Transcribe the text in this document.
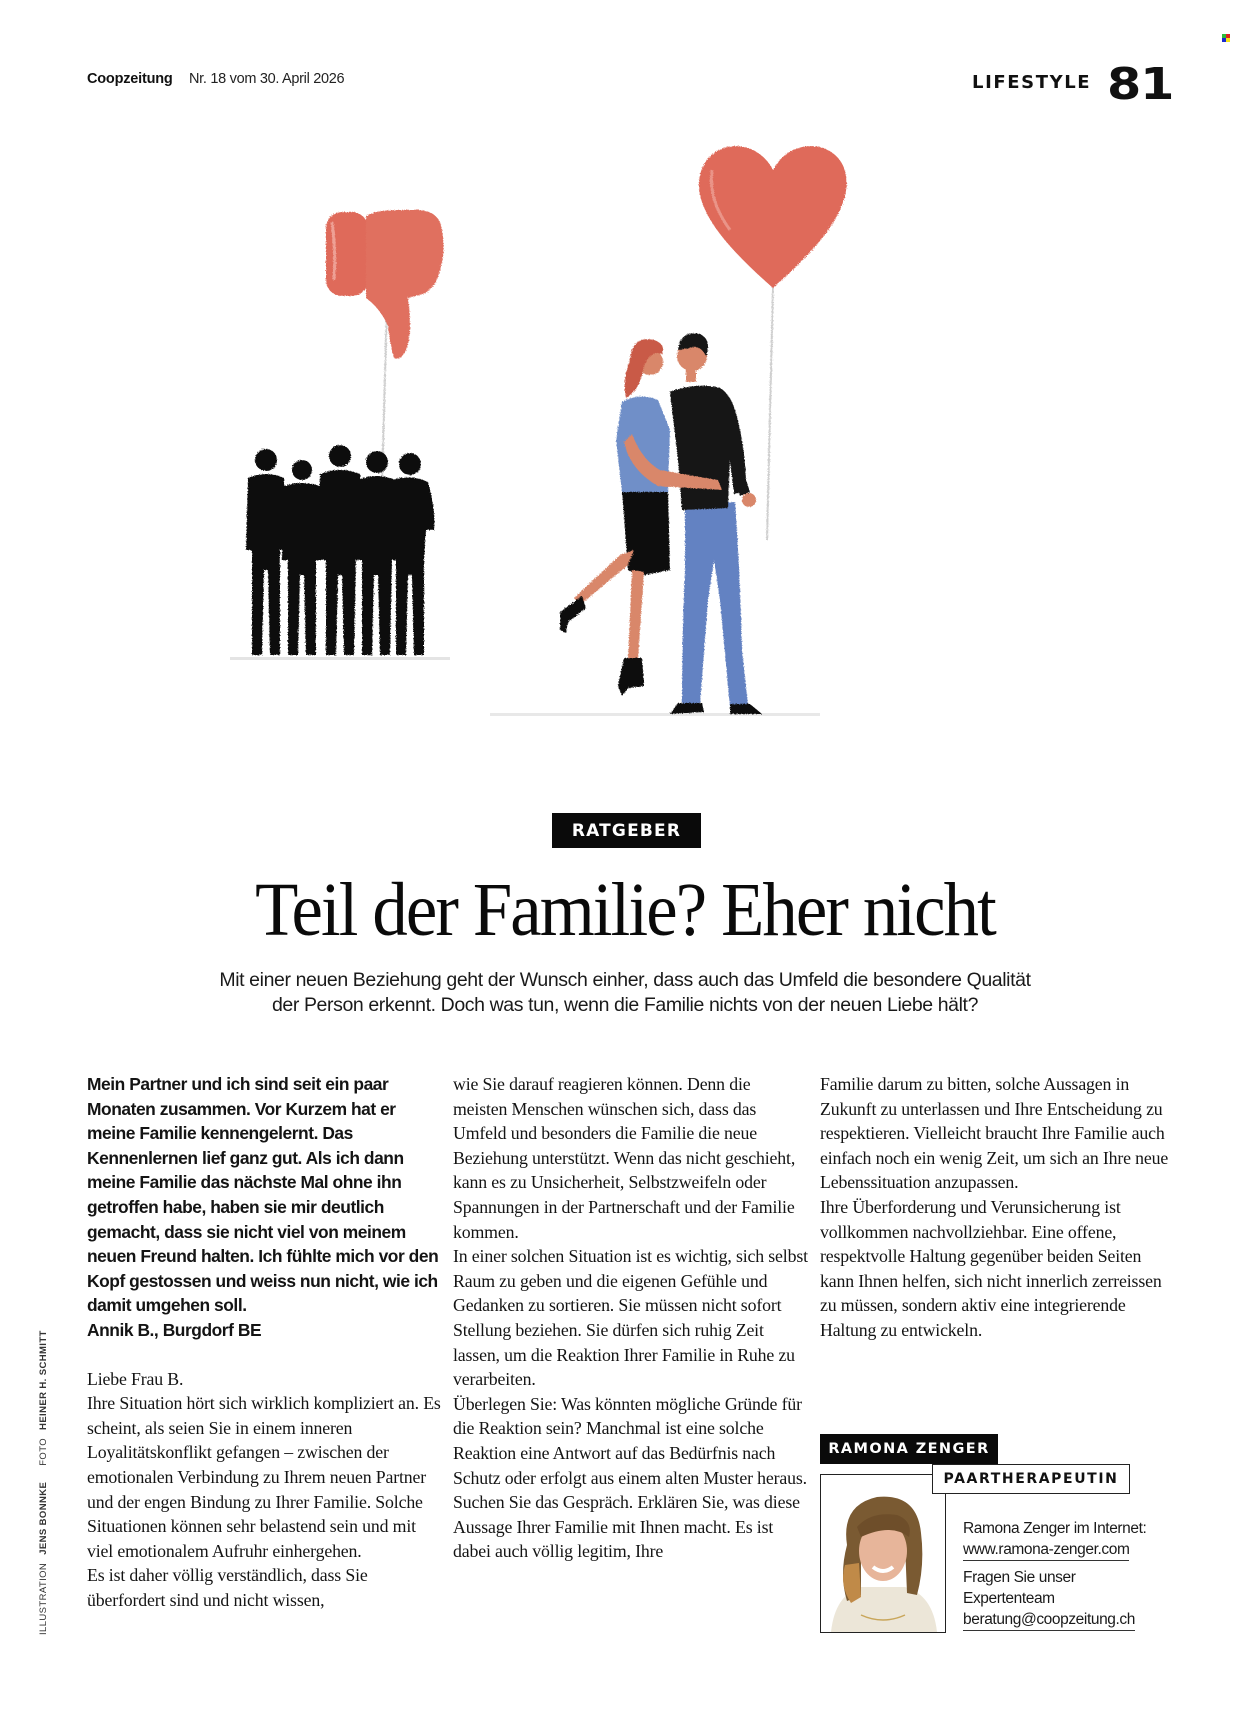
Coopzeitung Nr. 18 vom 30. April 2026	LIFESTYLE 81
RATGEBER
Teil der Familie? Eher nicht
Mit einer neuen Beziehung geht der Wunsch einher, dass auch das Umfeld die besondere Qualität
der Person erkennt. Doch was tun, wenn die Familie nichts von der neuen Liebe hält?

Mein Partner und ich sind seit ein paar Monaten zusammen. Vor Kurzem hat er meine Familie kennengelernt. Das Kennenlernen lief ganz gut. Als ich dann meine Familie das nächste Mal ohne ihn getroffen habe, haben sie mir deutlich gemacht, dass sie nicht viel von meinem neuen Freund halten. Ich fühlte mich vor den Kopf gestossen und weiss nun nicht, wie ich damit umgehen soll.

Annik B., Burgdorf BE

Liebe Frau B.

Ihre Situation hört sich wirklich kompliziert an. Es scheint, als seien Sie in einem inneren Loyalitätskonflikt gefangen – zwischen der emotionalen Verbindung zu Ihrem neuen Partner und der engen Bindung zu Ihrer Familie. Solche Situationen können sehr belastend sein und mit viel emotionalem Aufruhr einhergehen.

Es ist daher völlig verständlich, dass Sie überfordert sind und nicht wissen,

wie Sie darauf reagieren können. Denn die meisten Menschen wünschen sich, dass das Umfeld und besonders die Familie die neue Beziehung unterstützt. Wenn das nicht geschieht, kann es zu Unsicherheit, Selbstzweifeln oder Spannungen in der Partnerschaft und der Familie kommen.

In einer solchen Situation ist es wichtig, sich selbst Raum zu geben und die eigenen Gefühle und Gedanken zu sortieren. Sie müssen nicht sofort Stellung beziehen. Sie dürfen sich ruhig Zeit lassen, um die Reaktion Ihrer Familie in Ruhe zu verarbeiten.

Überlegen Sie: Was könnten mögliche Gründe für die Reaktion sein? Manchmal ist eine solche Reaktion eine Antwort auf das Bedürfnis nach Schutz oder erfolgt aus einem alten Muster heraus. Suchen Sie das Gespräch. Erklären Sie, was diese Aussage Ihrer Familie mit Ihnen macht. Es ist dabei auch völlig legitim, Ihre

Familie darum zu bitten, solche Aussagen in Zukunft zu unterlassen und Ihre Entscheidung zu respektieren. Vielleicht braucht Ihre Familie auch einfach noch ein wenig Zeit, um sich an Ihre neue Lebenssituation anzupassen.

Ihre Überforderung und Verunsicherung ist vollkommen nachvollziehbar. Eine offene, respektvolle Haltung gegenüber beiden Seiten kann Ihnen helfen, sich nicht innerlich zerreissen zu müssen, sondern aktiv eine integrierende Haltung zu entwickeln.

ILLUSTRATIONJENS BONNKEFOTOHEINER H. SCHMITT
RAMONA ZENGER
PAARTHERAPEUTIN
Ramona Zenger im Internet:
www.ramona-zenger.com
Fragen Sie unser
Expertenteam
beratung@coopzeitung.ch
